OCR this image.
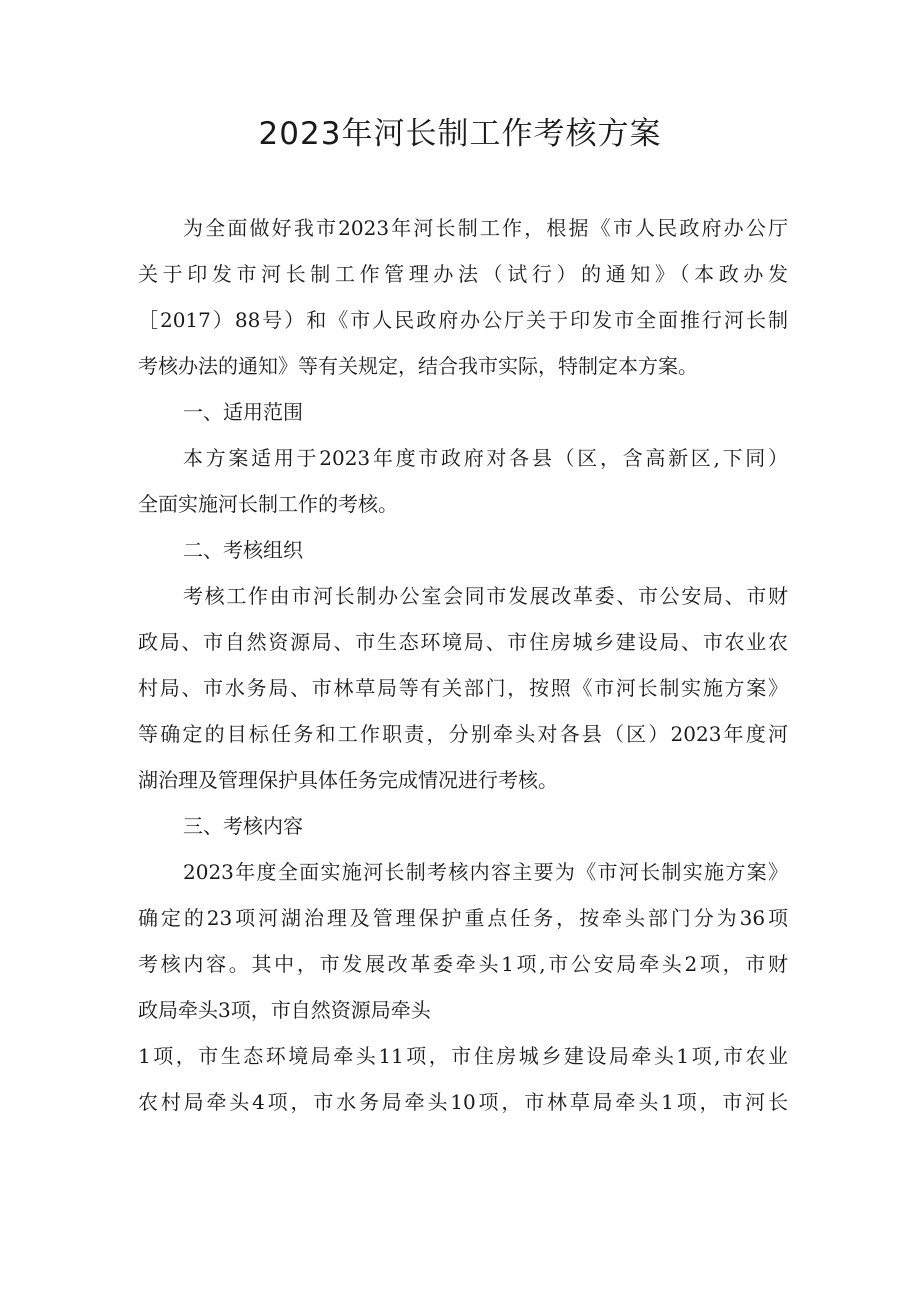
2023年河长制工作考核方案
为全面做好我市2023年河长制工作，根据《市人民政府办公厅
关于印发市河长制工作管理办法（试行）的通知》（本政办发
［2017）88号）和《市人民政府办公厅关于印发市全面推行河长制
考核办法的通知》等有关规定，结合我市实际，特制定本方案。
一、适用范围
本方案适用于2023年度市政府对各县（区，含高新区,下同）
全面实施河长制工作的考核。
二、考核组织
考核工作由市河长制办公室会同市发展改革委、市公安局、市财
政局、市自然资源局、市生态环境局、市住房城乡建设局、市农业农
村局、市水务局、市林草局等有关部门，按照《市河长制实施方案》
等确定的目标任务和工作职责，分别牵头对各县（区）2023年度河
湖治理及管理保护具体任务完成情况进行考核。
三、考核内容
2023年度全面实施河长制考核内容主要为《市河长制实施方案》
确定的23项河湖治理及管理保护重点任务，按牵头部门分为36项
考核内容。其中，市发展改革委牵头1项,市公安局牵头2项，市财
政局牵头3项，市自然资源局牵头
1项，市生态环境局牵头11项，市住房城乡建设局牵头1项,市农业
农村局牵头4项，市水务局牵头10项，市林草局牵头1项，市河长
